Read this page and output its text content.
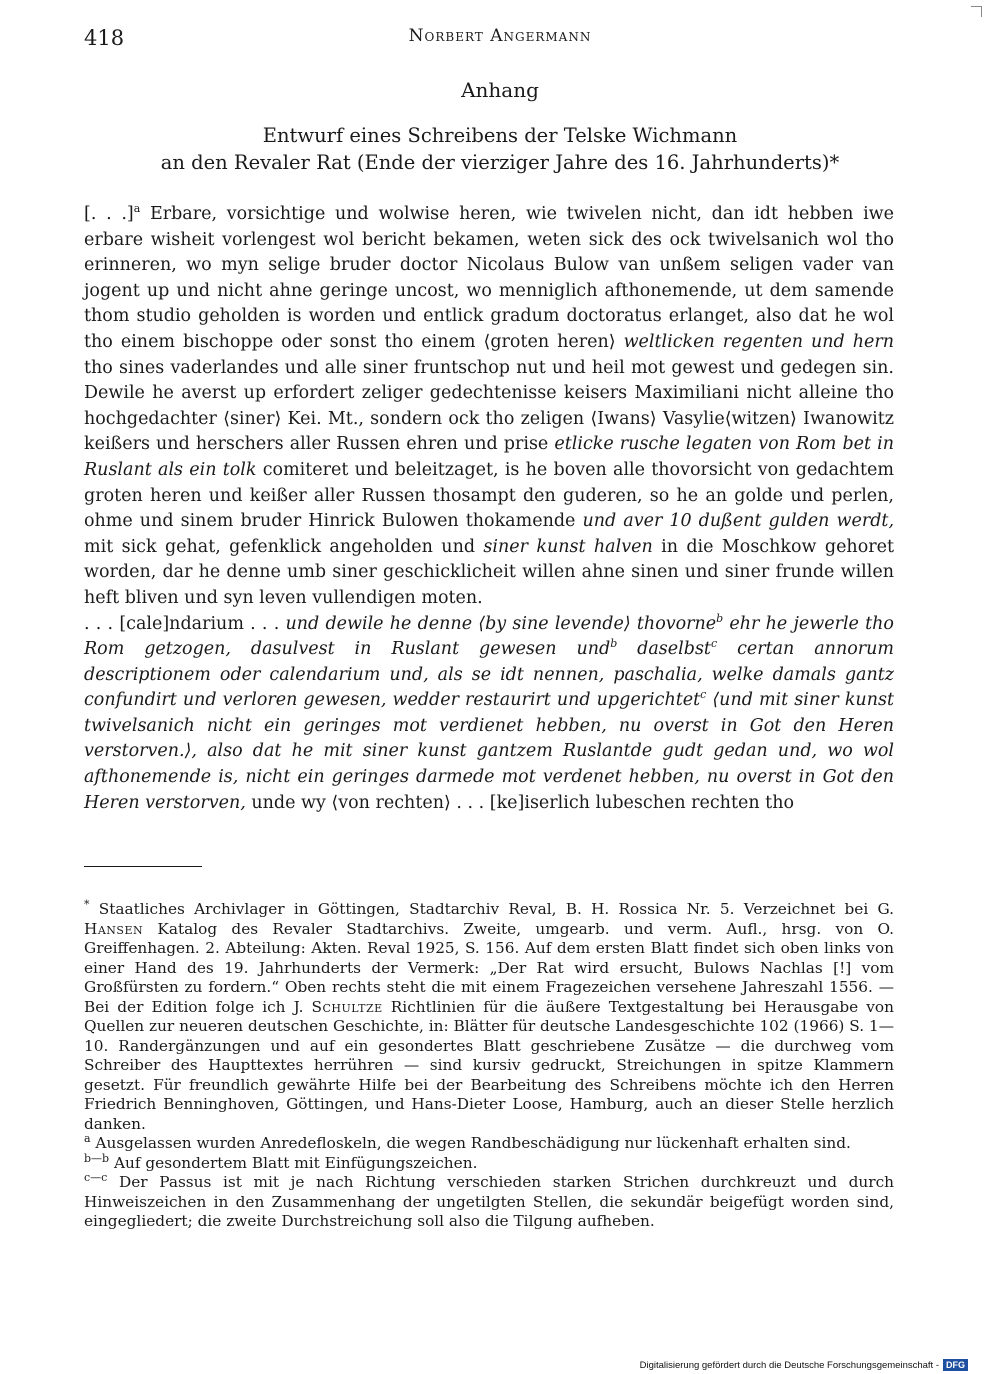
418	Norbert Angermann
Anhang
Entwurf eines Schreibens der Telske Wichmann
an den Revaler Rat (Ende der vierziger Jahre des 16. Jahrhunderts)*

[. . .]$^a$ Erbare, vorsichtige und wolwise heren, wie twivelen nicht, dan idt hebben iwe erbare wisheit vorlengest wol bericht bekamen, weten sick des ock twivelsanich wol tho erinneren, wo myn selige bruder doctor Nicolaus Bulow van unßem seligen vader van jogent up und nicht ahne geringe uncost, wo menniglich afthonemende, ut dem samende thom studio geholden is worden und entlick gradum doctoratus erlanget, also dat he wol tho einem bischoppe oder sonst tho einem ⟨groten heren⟩ weltlicken regenten und hern tho sines vaderlandes und alle siner fruntschop nut und heil mot gewest und gedegen sin. Dewile he averst up erfordert zeliger gedechtenisse keisers Maximiliani nicht alleine tho hochgedachter ⟨siner⟩ Kei. Mt., sondern ock tho zeligen ⟨Iwans⟩ Vasylie⟨witzen⟩ Iwanowitz keißers und herschers aller Russen ehren und prise etlicke rusche legaten von Rom bet in Ruslant als ein tolk comiteret und beleitzaget, is he boven alle thovorsicht von gedachtem groten heren und keißer aller Russen thosampt den guderen, so he an golde und perlen, ohme und sinem bruder Hinrick Bulowen thokamende und aver 10 dußent gulden werdt, mit sick gehat, gefenklick angeholden und siner kunst halven in die Moschkow gehoret worden, dar he denne umb siner geschicklicheit willen ahne sinen und siner frunde willen heft bliven und syn leven vullendigen moten.

. . . [cale]ndarium . . . und dewile he denne ⟨by sine levende⟩ thovorne$^b$ ehr he jewerle tho Rom getzogen, dasulvest in Ruslant gewesen und$^b$ daselbst$^c$ certan annorum descriptionem oder calendarium und, als se idt nennen, paschalia, welke damals gantz confundirt und verloren gewesen, wedder restaurirt und upgerichtet$^c$ ⟨und mit siner kunst twivelsanich nicht ein geringes mot verdienet hebben, nu overst in Got den Heren verstorven.⟩, also dat he mit siner kunst gantzem Ruslantde gudt gedan und, wo wol afthonemende is, nicht ein geringes darmede mot verdenet hebben, nu overst in Got den Heren verstorven, unde wy ⟨von rechten⟩ . . . [ke]iserlich lubeschen rechten tho

* Staatliches Archivlager in Göttingen, Stadtarchiv Reval, B. H. Rossica Nr. 5. Verzeichnet bei G. Hansen Katalog des Revaler Stadtarchivs. Zweite, umgearb. und verm. Aufl., hrsg. von O. Greiffenhagen. 2. Abteilung: Akten. Reval 1925, S. 156. Auf dem ersten Blatt findet sich oben links von einer Hand des 19. Jahrhunderts der Vermerk: „Der Rat wird ersucht, Bulows Nachlas [!] vom Großfürsten zu fordern.“ Oben rechts steht die mit einem Fragezeichen versehene Jahreszahl 1556. — Bei der Edition folge ich J. Schultze Richtlinien für die äußere Textgestaltung bei Herausgabe von Quellen zur neueren deutschen Geschichte, in: Blätter für deutsche Landesgeschichte 102 (1966) S. 1—10. Randergänzungen und auf ein gesondertes Blatt geschriebene Zusätze — die durchweg vom Schreiber des Haupttextes herrühren — sind kursiv gedruckt, Streichungen in spitze Klammern gesetzt. Für freundlich gewährte Hilfe bei der Bearbeitung des Schreibens möchte ich den Herren Friedrich Benninghoven, Göttingen, und Hans-Dieter Loose, Hamburg, auch an dieser Stelle herzlich danken.

$^a$ Ausgelassen wurden Anredefloskeln, die wegen Randbeschädigung nur lückenhaft erhalten sind.

$^{b—b}$ Auf gesondertem Blatt mit Einfügungszeichen.

$^{c—c}$ Der Passus ist mit je nach Richtung verschieden starken Strichen durchkreuzt und durch Hinweiszeichen in den Zusammenhang der ungetilgten Stellen, die sekundär beigefügt worden sind, eingegliedert; die zweite Durchstreichung soll also die Tilgung aufheben.

Digitalisierung gefördert durch die Deutsche Forschungsgemeinschaft - DFG
